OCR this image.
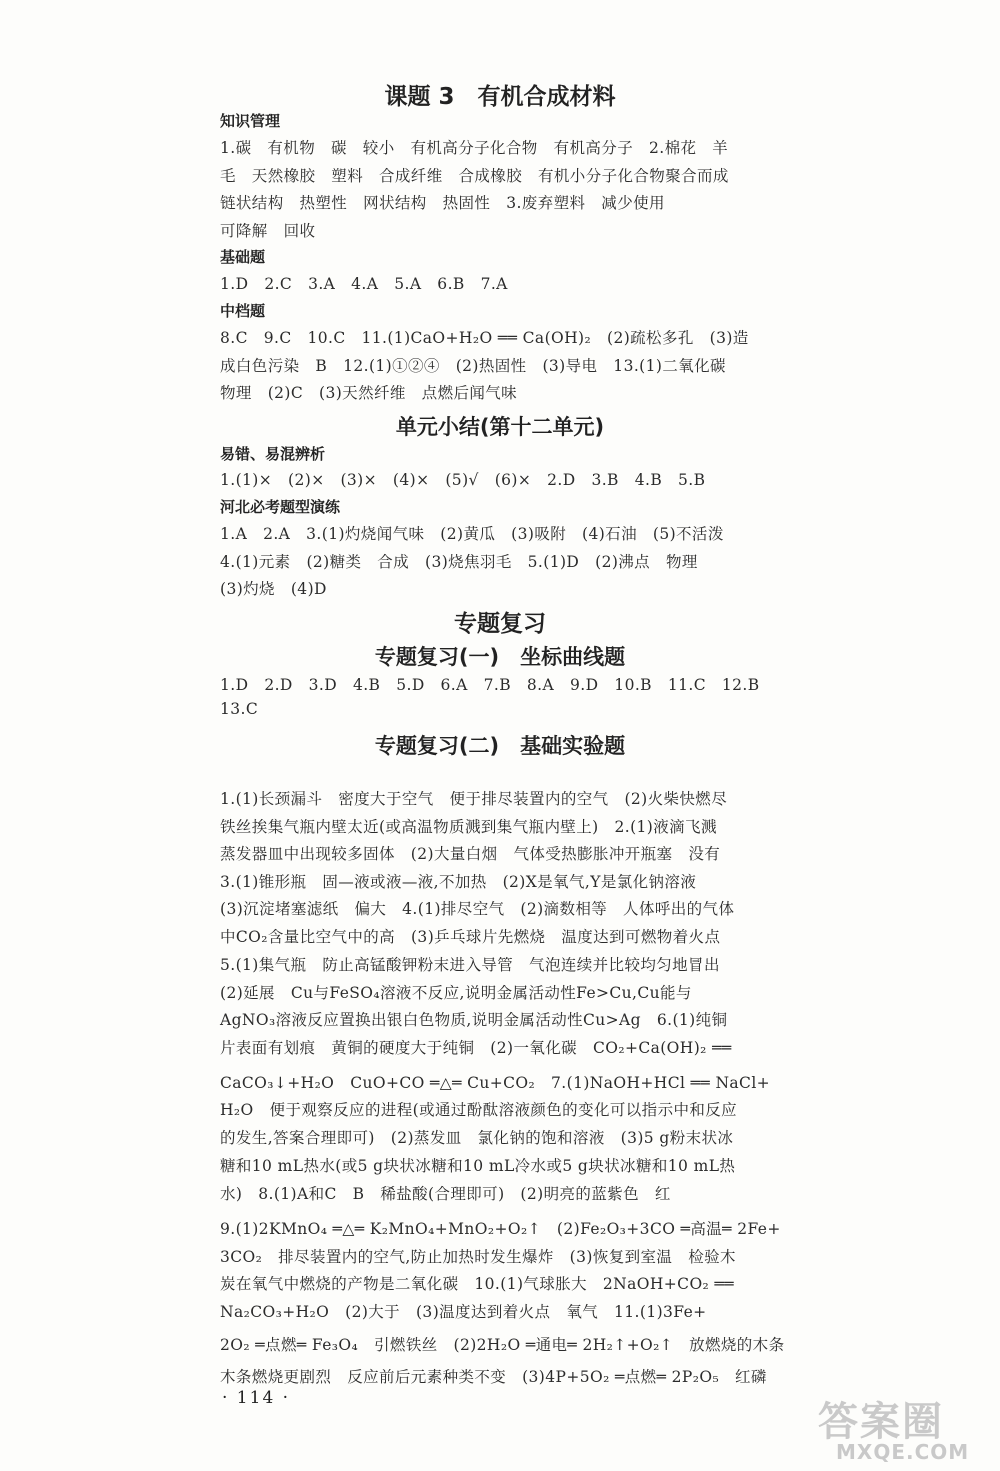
课题 3　有机合成材料
知识管理
1.碳　有机物　碳　较小　有机高分子化合物　有机高分子　2.棉花　羊
毛　天然橡胶　塑料　合成纤维　合成橡胶　有机小分子化合物聚合而成
链状结构　热塑性　网状结构　热固性　3.废弃塑料　减少使用
可降解　回收
基础题
1.D　2.C　3.A　4.A　5.A　6.B　7.A
中档题
8.C　9.C　10.C　11.(1)CaO+H₂O ══ Ca(OH)₂　(2)疏松多孔　(3)造
成白色污染　B　12.(1)①②④　(2)热固性　(3)导电　13.(1)二氧化碳
物理　(2)C　(3)天然纤维　点燃后闻气味
单元小结(第十二单元)
易错、易混辨析
1.(1)×　(2)×　(3)×　(4)×　(5)√　(6)×　2.D　3.B　4.B　5.B
河北必考题型演练
1.A　2.A　3.(1)灼烧闻气味　(2)黄瓜　(3)吸附　(4)石油　(5)不活泼
4.(1)元素　(2)糖类　合成　(3)烧焦羽毛　5.(1)D　(2)沸点　物理
(3)灼烧　(4)D
专题复习
专题复习(一)　坐标曲线题
1.D　2.D　3.D　4.B　5.D　6.A　7.B　8.A　9.D　10.B　11.C　12.B
13.C
专题复习(二)　基础实验题
1.(1)长颈漏斗　密度大于空气　便于排尽装置内的空气　(2)火柴快燃尽
铁丝挨集气瓶内壁太近(或高温物质溅到集气瓶内壁上)　2.(1)液滴飞溅
蒸发器皿中出现较多固体　(2)大量白烟　气体受热膨胀冲开瓶塞　没有
3.(1)锥形瓶　固—液或液—液,不加热　(2)X是氧气,Y是氯化钠溶液
(3)沉淀堵塞滤纸　偏大　4.(1)排尽空气　(2)滴数相等　人体呼出的气体
中CO₂含量比空气中的高　(3)乒乓球片先燃烧　温度达到可燃物着火点
5.(1)集气瓶　防止高锰酸钾粉末进入导管　气泡连续并比较均匀地冒出
(2)延展　Cu与FeSO₄溶液不反应,说明金属活动性Fe>Cu,Cu能与
AgNO₃溶液反应置换出银白色物质,说明金属活动性Cu>Ag　6.(1)纯铜
片表面有划痕　黄铜的硬度大于纯铜　(2)一氧化碳　CO₂+Ca(OH)₂ ══
CaCO₃↓+H₂O　CuO+CO ═△═ Cu+CO₂　7.(1)NaOH+HCl ══ NaCl+
H₂O　便于观察反应的进程(或通过酚酞溶液颜色的变化可以指示中和反应
的发生,答案合理即可)　(2)蒸发皿　氯化钠的饱和溶液　(3)5 g粉末状冰
糖和10 mL热水(或5 g块状冰糖和10 mL冷水或5 g块状冰糖和10 mL热
水)　8.(1)A和C　B　稀盐酸(合理即可)　(2)明亮的蓝紫色　红
9.(1)2KMnO₄ ═△═ K₂MnO₄+MnO₂+O₂↑　(2)Fe₂O₃+3CO ═高温═ 2Fe+
3CO₂　排尽装置内的空气,防止加热时发生爆炸　(3)恢复到室温　检验木
炭在氧气中燃烧的产物是二氧化碳　10.(1)气球胀大　2NaOH+CO₂ ══
Na₂CO₃+H₂O　(2)大于　(3)温度达到着火点　氧气　11.(1)3Fe+
2O₂ ═点燃═ Fe₃O₄　引燃铁丝　(2)2H₂O ═通电═ 2H₂↑+O₂↑　放燃烧的木条
木条燃烧更剧烈　反应前后元素种类不变　(3)4P+5O₂ ═点燃═ 2P₂O₅　红磷
· 114 ·
答案圈
MXQE.COM
